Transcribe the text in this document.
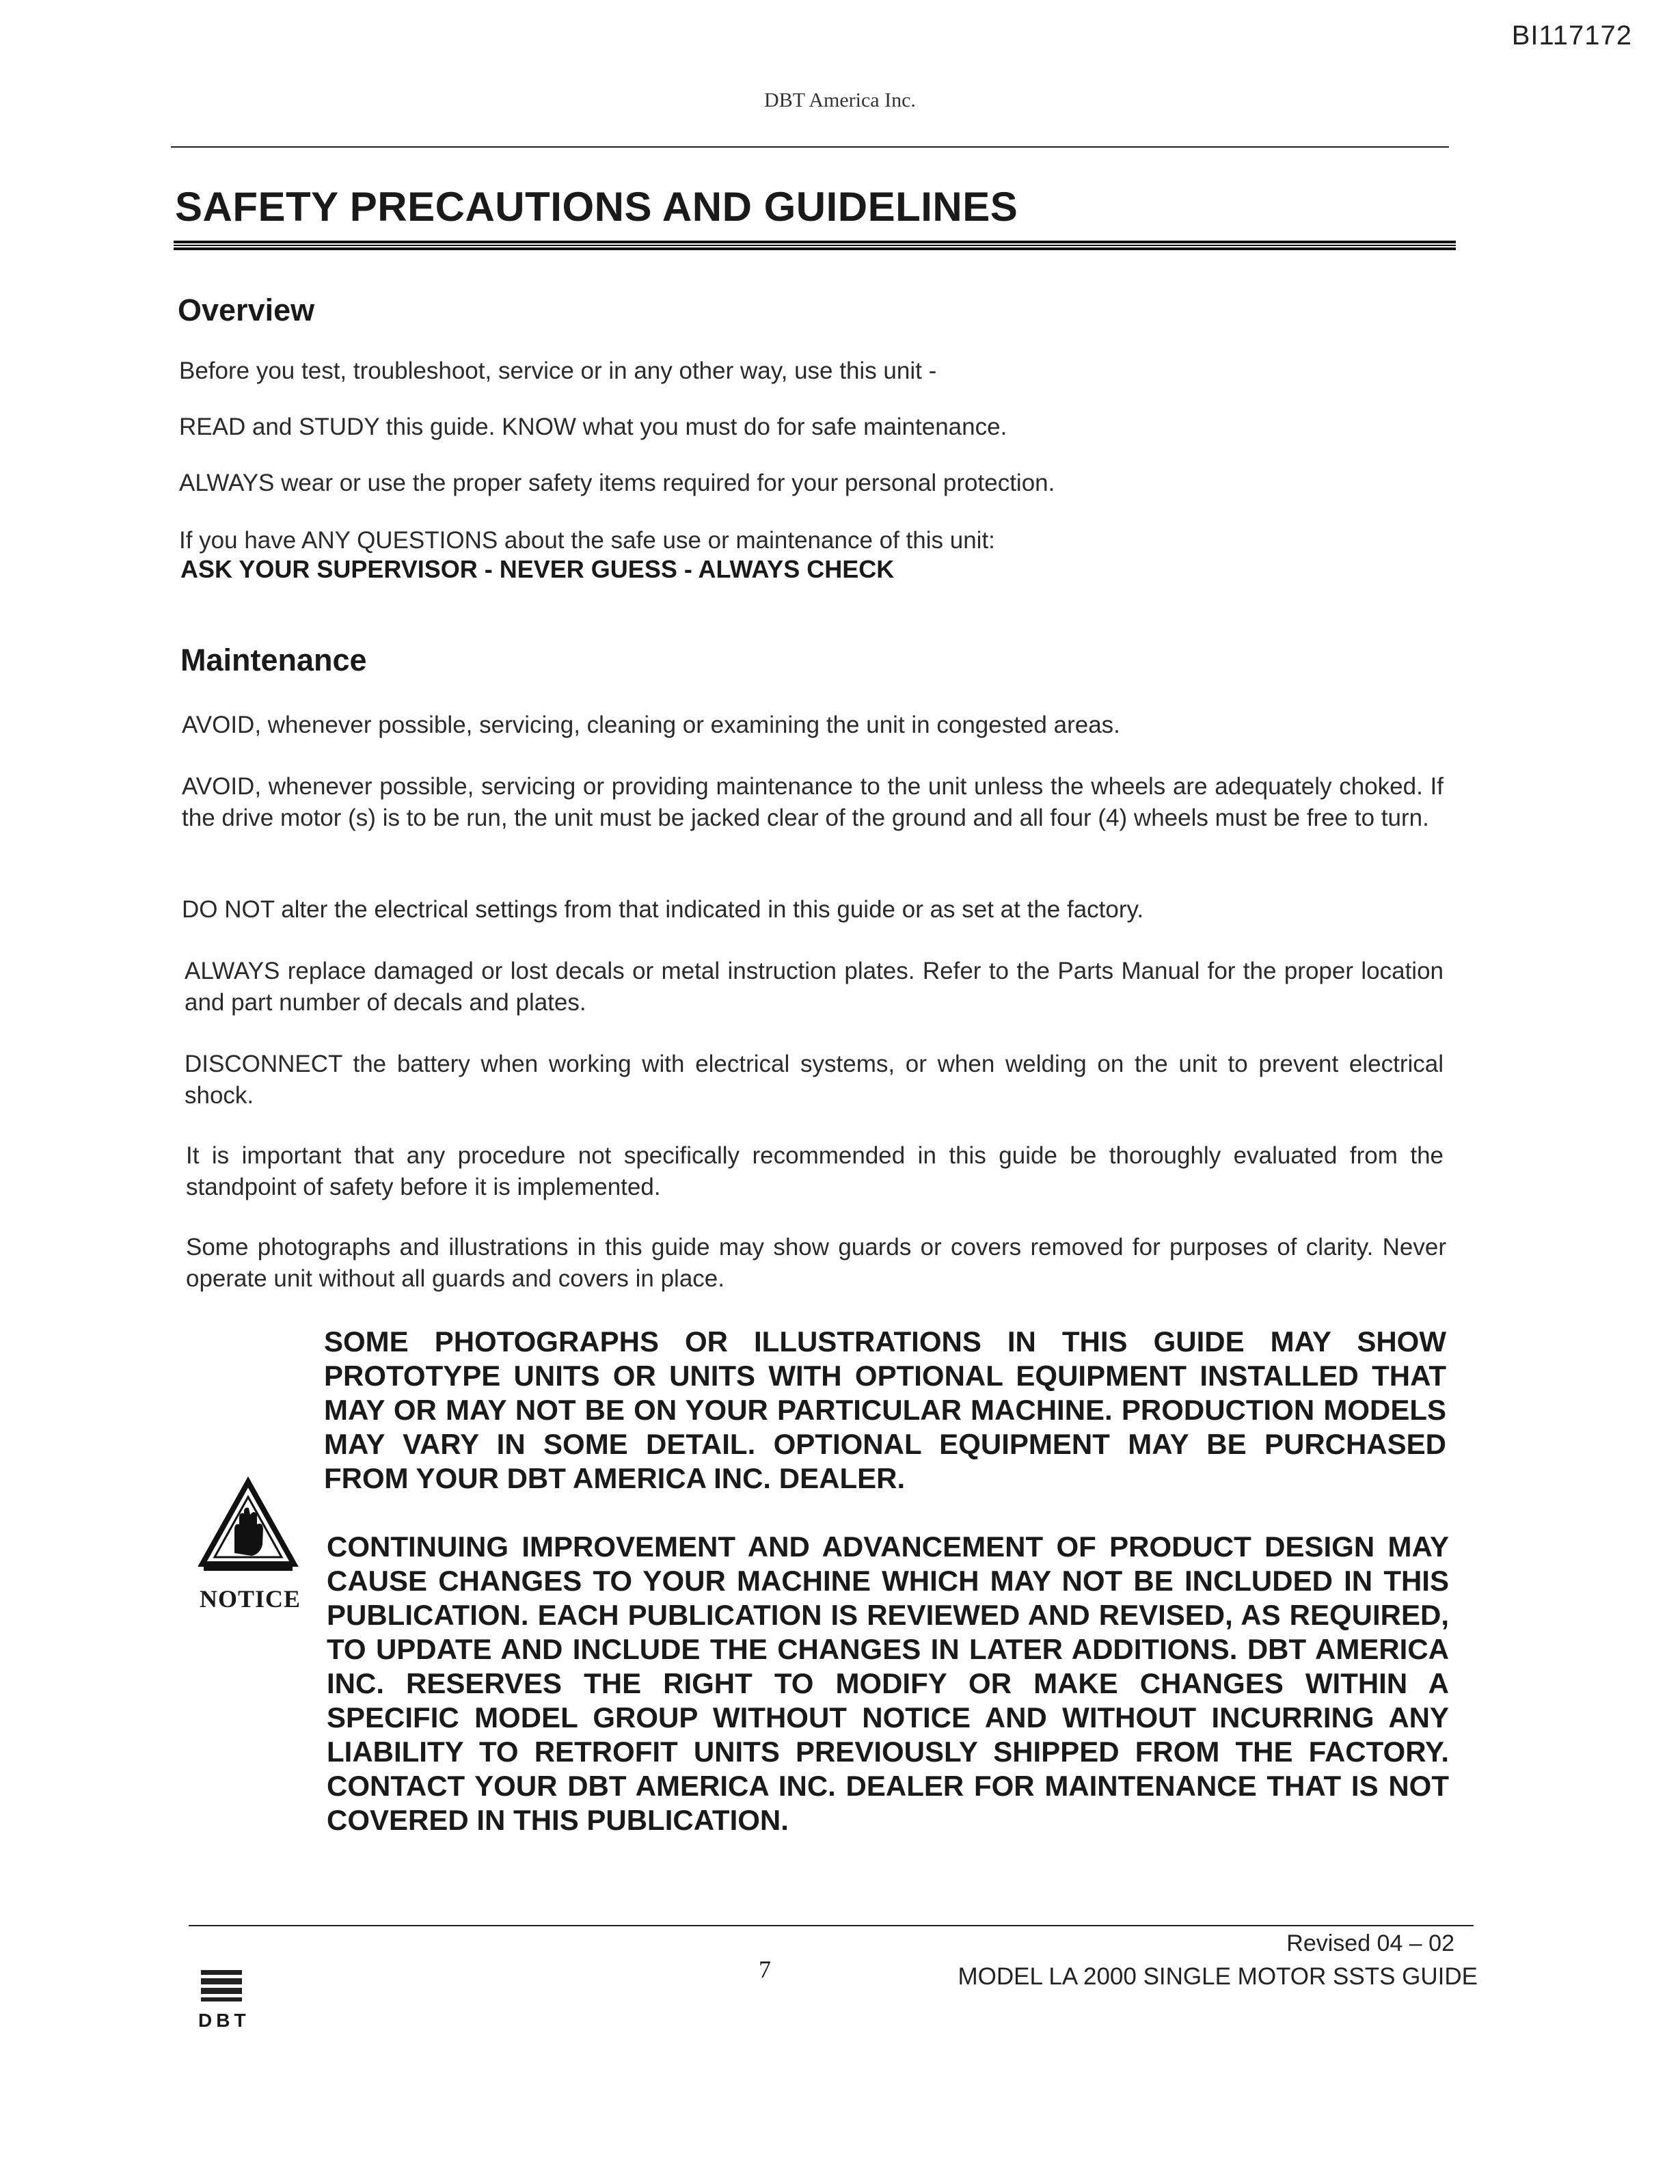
BI117172
DBT America Inc.
SAFETY PRECAUTIONS AND GUIDELINES
Overview
Before you test, troubleshoot, service or in any other way, use this unit -
READ and STUDY this guide. KNOW what you must do for safe maintenance.
ALWAYS wear or use the proper safety items required for your personal protection.
If you have ANY QUESTIONS about the safe use or maintenance of this unit:
ASK YOUR SUPERVISOR - NEVER GUESS - ALWAYS CHECK
Maintenance
AVOID, whenever possible, servicing, cleaning or examining the unit in congested areas.
AVOID, whenever possible, servicing or providing maintenance to the unit unless the wheels are adequately choked. If the drive motor (s) is to be run, the unit must be jacked clear of the ground and all four (4) wheels must be free to turn.
DO NOT alter the electrical settings from that indicated in this guide or as set at the factory.
ALWAYS replace damaged or lost decals or metal instruction plates. Refer to the Parts Manual for the proper location and part number of decals and plates.
DISCONNECT the battery when working with electrical systems, or when welding on the unit to prevent electrical shock.
It is important that any procedure not specifically recommended in this guide be thoroughly evaluated from the standpoint of safety before it is implemented.
Some photographs and illustrations in this guide may show guards or covers removed for purposes of clarity. Never operate unit without all guards and covers in place.
SOME PHOTOGRAPHS OR ILLUSTRATIONS IN THIS GUIDE MAY SHOW PROTOTYPE UNITS OR UNITS WITH OPTIONAL EQUIPMENT INSTALLED THAT MAY OR MAY NOT BE ON YOUR PARTICULAR MACHINE. PRODUCTION MODELS MAY VARY IN SOME DETAIL. OPTIONAL EQUIPMENT MAY BE PURCHASED FROM YOUR DBT AMERICA INC. DEALER.
CONTINUING IMPROVEMENT AND ADVANCEMENT OF PRODUCT DESIGN MAY CAUSE CHANGES TO YOUR MACHINE WHICH MAY NOT BE INCLUDED IN THIS PUBLICATION. EACH PUBLICATION IS REVIEWED AND REVISED, AS REQUIRED, TO UPDATE AND INCLUDE THE CHANGES IN LATER ADDITIONS. DBT AMERICA INC. RESERVES THE RIGHT TO MODIFY OR MAKE CHANGES WITHIN A SPECIFIC MODEL GROUP WITHOUT NOTICE AND WITHOUT INCURRING ANY LIABILITY TO RETROFIT UNITS PREVIOUSLY SHIPPED FROM THE FACTORY. CONTACT YOUR DBT AMERICA INC. DEALER FOR MAINTENANCE THAT IS NOT COVERED IN THIS PUBLICATION.
NOTICE
Revised 04 – 02
7	MODEL LA 2000 SINGLE MOTOR SSTS GUIDE
DBT
